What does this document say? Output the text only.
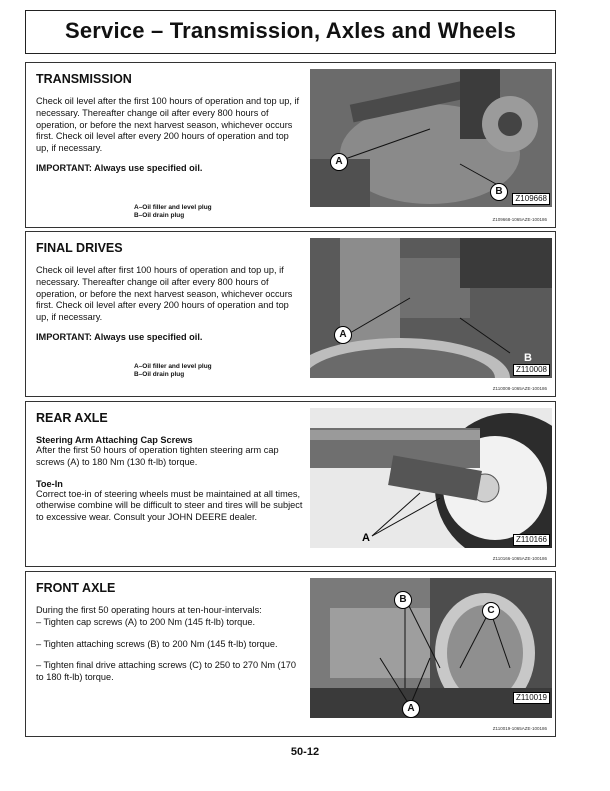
Service – Transmission, Axles and Wheels
TRANSMISSION

Check oil level after the first 100 hours of operation and top up, if necessary. Thereafter change oil after every 800 hours of operation, or before the next harvest season, whichever occurs first. Check oil level after every 200 hours of operation and top up, if necessary.

IMPORTANT: Always use specified oil.

A–Oil filler and level plug
B–Oil drain plug
A
B
Z109668
Z109668-1065AZE-100186
FINAL DRIVES

Check oil level after first 100 hours of operation and top up, if necessary. Thereafter change oil after every 800 hours of operation, or before the next harvest season, whichever occurs first. Check oil level after every 200 hours of operation and top up, if necessary.

IMPORTANT: Always use specified oil.

A–Oil filler and level plug
B–Oil drain plug
A
B
Z110008
Z110008-1065AZE-100186
REAR AXLE

Steering Arm Attaching Cap Screws

After the first 50 hours of operation tighten steering arm cap screws (A) to 180 Nm (130 ft-lb) torque.

Toe-In

Correct toe-in of steering wheels must be maintained at all times, otherwise combine will be difficult to steer and tires will be subject to excessive wear. Consult your JOHN DEERE dealer.

A	Z110166
Z110166-1065AZE-100186
FRONT AXLE

During the first 50 operating hours at ten-hour-intervals:

– Tighten cap screws (A) to 200 Nm (145 ft-lb) torque.

– Tighten attaching screws (B) to 200 Nm (145 ft-lb) torque.

– Tighten final drive attaching screws (C) to 250 to 270 Nm (170 to 180 ft-lb) torque.

B
C
A
Z110019
Z110019-1065AZE-100186
50-12
